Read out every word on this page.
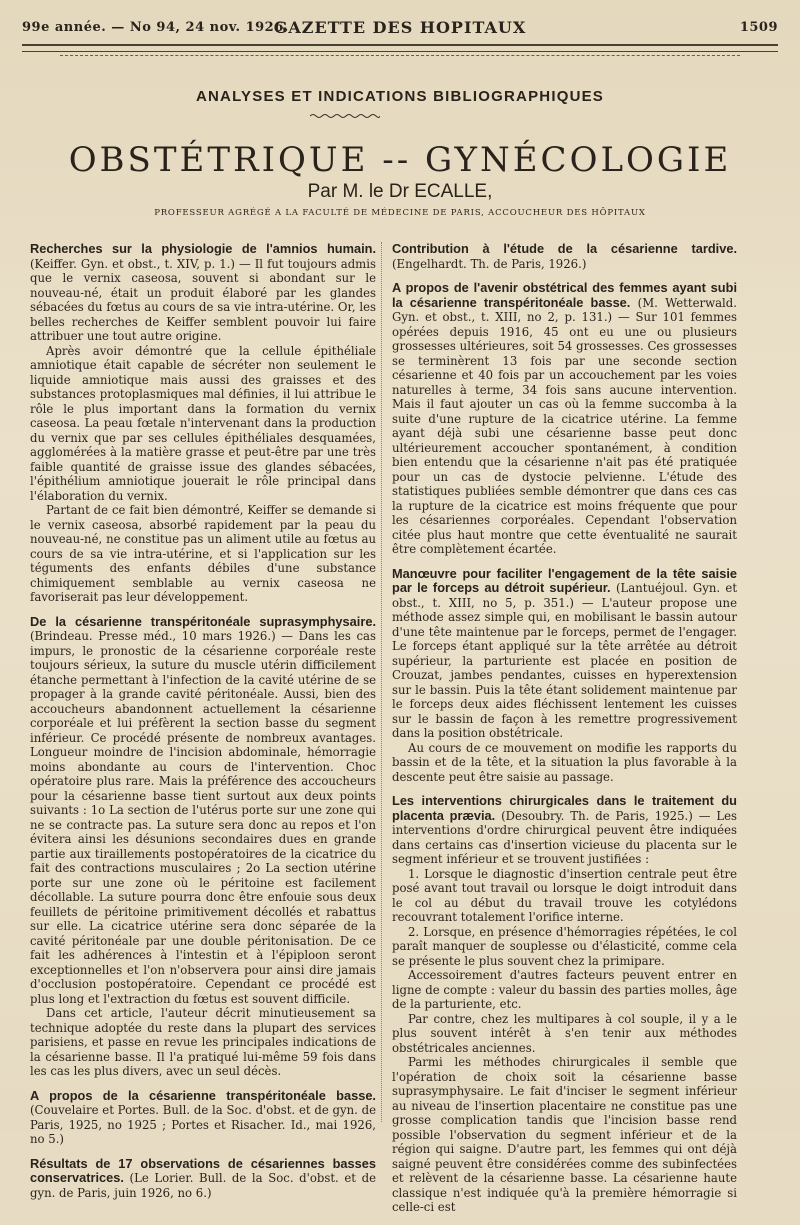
99e année. — No 94, 24 nov. 1926.
GAZETTE DES HOPITAUX	1509
ANALYSES ET INDICATIONS BIBLIOGRAPHIQUES
OBSTÉTRIQUE -- GYNÉCOLOGIE
Par M. le Dr ECALLE,
PROFESSEUR AGRÉGÉ A LA FACULTÉ DE MÉDECINE DE PARIS, ACCOUCHEUR DES HÔPITAUX
Recherches sur la physiologie de l'amnios humain. (Keiffer. Gyn. et obst., t. XIV, p. 1.) — Il fut toujours admis que le vernix caseosa, souvent si abondant sur le nouveau-né, était un produit élaboré par les glandes sébacées du fœtus au cours de sa vie intra-utérine. Or, les belles recherches de Keiffer semblent pouvoir lui faire attribuer une tout autre origine.

Après avoir démontré que la cellule épithéliale amniotique était capable de sécréter non seulement le liquide amniotique mais aussi des graisses et des substances protoplasmiques mal définies, il lui attribue le rôle le plus important dans la formation du vernix caseosa. La peau fœtale n'intervenant dans la production du vernix que par ses cellules épithéliales desquamées, agglomérées à la matière grasse et peut-être par une très faible quantité de graisse issue des glandes sébacées, l'épithélium amniotique jouerait le rôle principal dans l'élaboration du vernix.

Partant de ce fait bien démontré, Keiffer se demande si le vernix caseosa, absorbé rapidement par la peau du nouveau-né, ne constitue pas un aliment utile au fœtus au cours de sa vie intra-utérine, et si l'application sur les téguments des enfants débiles d'une substance chimiquement semblable au vernix caseosa ne favoriserait pas leur développement.

De la césarienne transpéritonéale suprasymphysaire. (Brindeau. Presse méd., 10 mars 1926.) — Dans les cas impurs, le pronostic de la césarienne corporéale reste toujours sérieux, la suture du muscle utérin difficilement étanche permettant à l'infection de la cavité utérine de se propager à la grande cavité péritonéale. Aussi, bien des accoucheurs abandonnent actuellement la césarienne corporéale et lui préfèrent la section basse du segment inférieur. Ce procédé présente de nombreux avantages. Longueur moindre de l'incision abdominale, hémorragie moins abondante au cours de l'intervention. Choc opératoire plus rare. Mais la préférence des accoucheurs pour la césarienne basse tient surtout aux deux points suivants : 1o La section de l'utérus porte sur une zone qui ne se contracte pas. La suture sera donc au repos et l'on évitera ainsi les désunions secondaires dues en grande partie aux tiraillements postopératoires de la cicatrice du fait des contractions musculaires ; 2o La section utérine porte sur une zone où le péritoine est facilement décollable. La suture pourra donc être enfouie sous deux feuillets de péritoine primitivement décollés et rabattus sur elle. La cicatrice utérine sera donc séparée de la cavité péritonéale par une double péritonisation. De ce fait les adhérences à l'intestin et à l'épiploon seront exceptionnelles et l'on n'observera pour ainsi dire jamais d'occlusion postopératoire. Cependant ce procédé est plus long et l'extraction du fœtus est souvent difficile.

Dans cet article, l'auteur décrit minutieusement sa technique adoptée du reste dans la plupart des services parisiens, et passe en revue les principales indications de la césarienne basse. Il l'a pratiqué lui-même 59 fois dans les cas les plus divers, avec un seul décès.

A propos de la césarienne transpéritonéale basse. (Couvelaire et Portes. Bull. de la Soc. d'obst. et de gyn. de Paris, 1925, no 1925 ; Portes et Risacher. Id., mai 1926, no 5.)
Résultats de 17 observations de césariennes basses conservatrices. (Le Lorier. Bull. de la Soc. d'obst. et de gyn. de Paris, juin 1926, no 6.)
Contribution à l'étude de la césarienne tardive. (Engelhardt. Th. de Paris, 1926.)
A propos de l'avenir obstétrical des femmes ayant subi la césarienne transpéritonéale basse. (M. Wetterwald. Gyn. et obst., t. XIII, no 2, p. 131.) — Sur 101 femmes opérées depuis 1916, 45 ont eu une ou plusieurs grossesses ultérieures, soit 54 grossesses. Ces grossesses se terminèrent 13 fois par une seconde section césarienne et 40 fois par un accouchement par les voies naturelles à terme, 34 fois sans aucune intervention. Mais il faut ajouter un cas où la femme succomba à la suite d'une rupture de la cicatrice utérine. La femme ayant déjà subi une césarienne basse peut donc ultérieurement accoucher spontanément, à condition bien entendu que la césarienne n'ait pas été pratiquée pour un cas de dystocie pelvienne. L'étude des statistiques publiées semble démontrer que dans ces cas la rupture de la cicatrice est moins fréquente que pour les césariennes corporéales. Cependant l'observation citée plus haut montre que cette éventualité ne saurait être complètement écartée.

Manœuvre pour faciliter l'engagement de la tête saisie par le forceps au détroit supérieur. (Lantuéjoul. Gyn. et obst., t. XIII, no 5, p. 351.) — L'auteur propose une méthode assez simple qui, en mobilisant le bassin autour d'une tête maintenue par le forceps, permet de l'engager. Le forceps étant appliqué sur la tête arrêtée au détroit supérieur, la parturiente est placée en position de Crouzat, jambes pendantes, cuisses en hyperextension sur le bassin. Puis la tête étant solidement maintenue par le forceps deux aides fléchissent lentement les cuisses sur le bassin de façon à les remettre progressivement dans la position obstétricale.

Au cours de ce mouvement on modifie les rapports du bassin et de la tête, et la situation la plus favorable à la descente peut être saisie au passage.

Les interventions chirurgicales dans le traitement du placenta prævia. (Desoubry. Th. de Paris, 1925.) — Les interventions d'ordre chirurgical peuvent être indiquées dans certains cas d'insertion vicieuse du placenta sur le segment inférieur et se trouvent justifiées :

1. Lorsque le diagnostic d'insertion centrale peut être posé avant tout travail ou lorsque le doigt introduit dans le col au début du travail trouve les cotylédons recouvrant totalement l'orifice interne.

2. Lorsque, en présence d'hémorragies répétées, le col paraît manquer de souplesse ou d'élasticité, comme cela se présente le plus souvent chez la primipare.

Accessoirement d'autres facteurs peuvent entrer en ligne de compte : valeur du bassin des parties molles, âge de la parturiente, etc.

Par contre, chez les multipares à col souple, il y a le plus souvent intérêt à s'en tenir aux méthodes obstétricales anciennes.

Parmi les méthodes chirurgicales il semble que l'opération de choix soit la césarienne basse suprasymphysaire. Le fait d'inciser le segment inférieur au niveau de l'insertion placentaire ne constitue pas une grosse complication tandis que l'incision basse rend possible l'observation du segment inférieur et de la région qui saigne. D'autre part, les femmes qui ont déjà saigné peuvent être considérées comme des subinfectées et relèvent de la césarienne basse. La césarienne haute classique n'est indiquée qu'à la première hémorragie si celle-ci est
